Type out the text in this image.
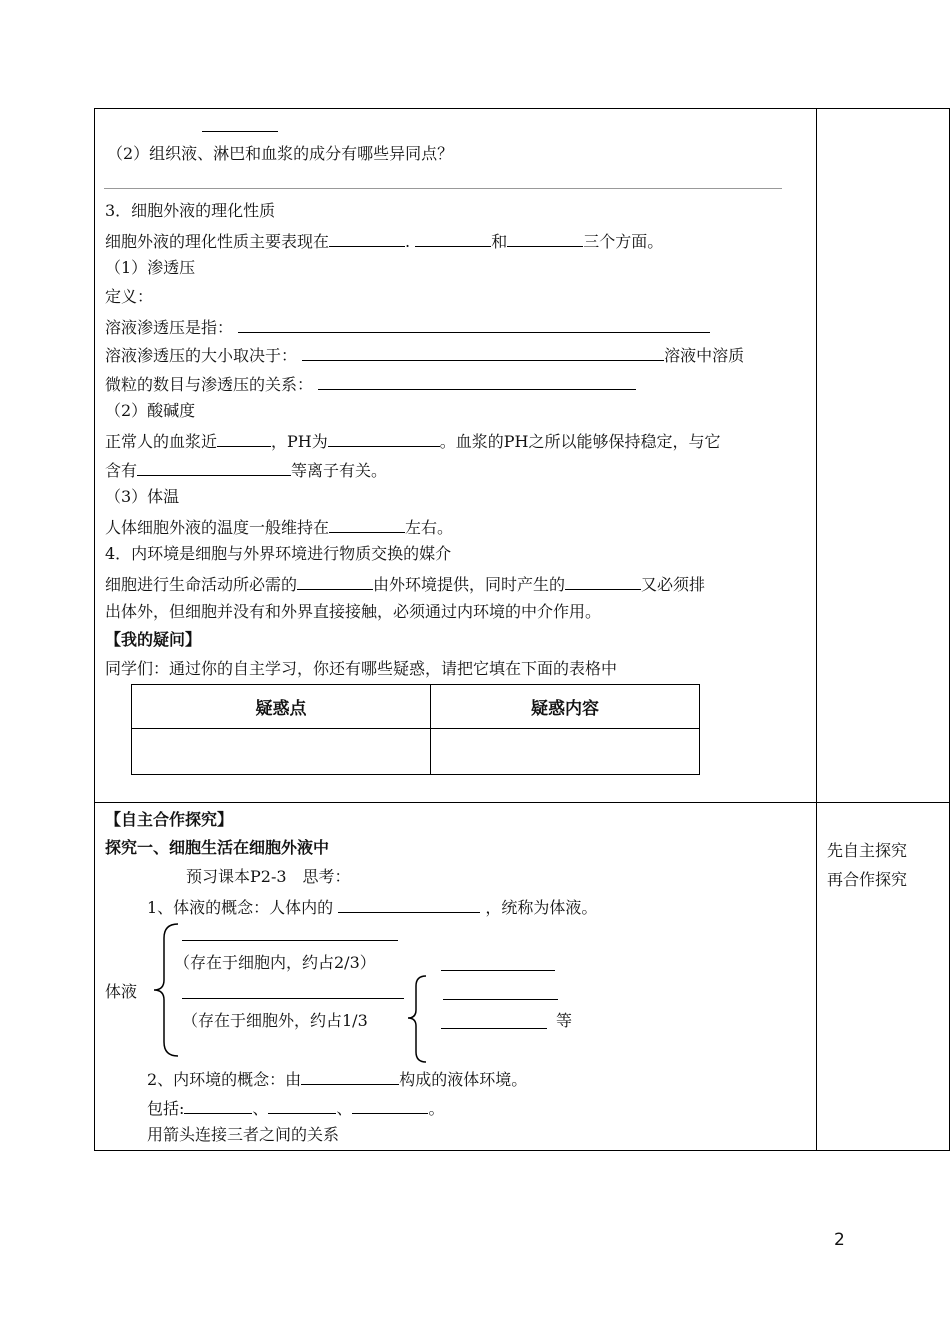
（2）组织液、淋巴和血浆的成分有哪些异同点？
3．细胞外液的理化性质
细胞外液的理化性质主要表现在	.	和	三个方面。
（1）渗透压
定义：
溶液渗透压是指：
溶液渗透压的大小取决于：	溶液中溶质
微粒的数目与渗透压的关系：
（2）酸碱度
正常人的血浆近	，PH为	。血浆的PH之所以能够保持稳定，与它
含有	等离子有关。
（3）体温
人体细胞外液的温度一般维持在	左右。
4．内环境是细胞与外界环境进行物质交换的媒介
细胞进行生命活动所必需的	由外环境提供，同时产生的	又必须排
出体外，但细胞并没有和外界直接接触，必须通过内环境的中介作用。
【我的疑问】
同学们：通过你的自主学习，你还有哪些疑惑，请把它填在下面的表格中
疑惑点	疑惑内容

【自主合作探究】
探究一、细胞生活在细胞外液中
预习课本P2-3　思考：
1、体液的概念：人体内的	，统称为体液。
（存在于细胞内，约占2/3）
体液
（存在于细胞外，约占1/3	等
2、内环境的概念：由	构成的液体环境。
包括:	、	、	。
用箭头连接三者之间的关系
先自主探究
再合作探究
2
